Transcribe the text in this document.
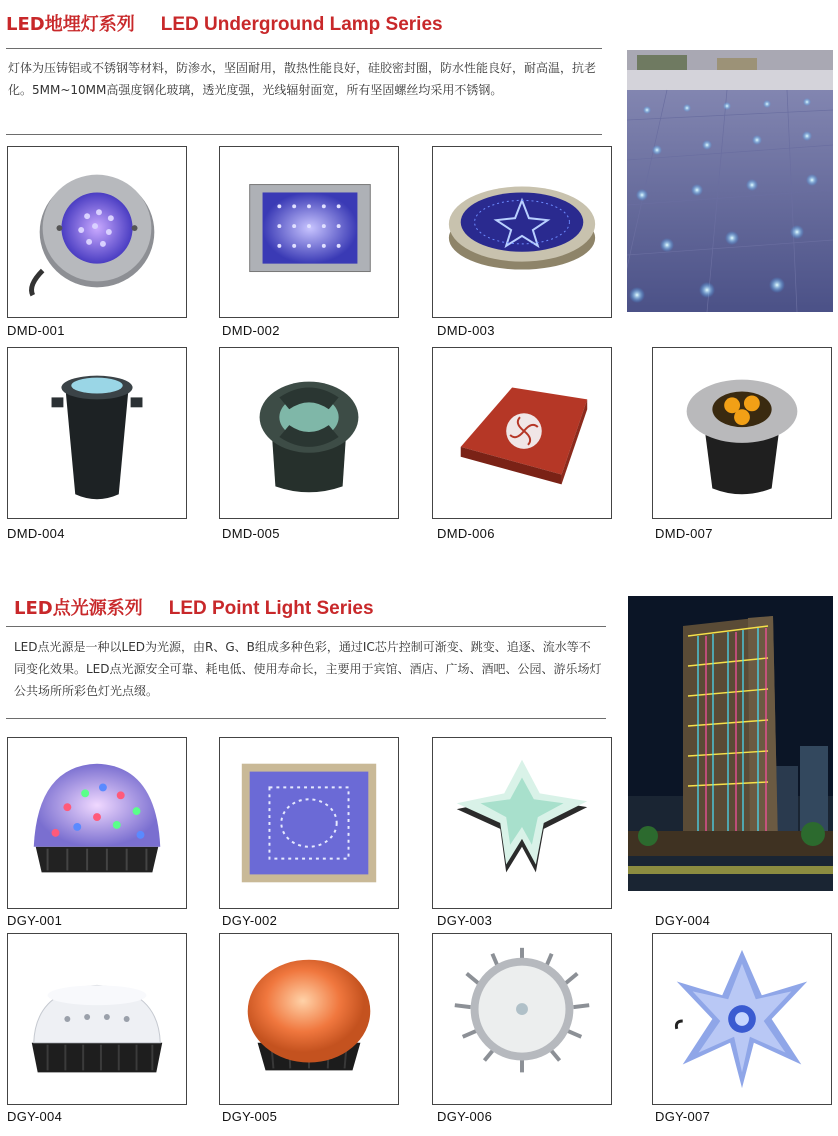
LED地埋灯系列 LED Underground Lamp Series
灯体为压铸铝或不锈钢等材料，防渗水，坚固耐用，散热性能良好，硅胶密封圈，防水性能良好，耐高温，抗老化。5MM~10MM高强度钢化玻璃，透光度强，光线辐射面宽，所有坚固螺丝均采用不锈钢。
DMD-001	DMD-002	DMD-003
DMD-004	DMD-005	DMD-006	DMD-007
LED点光源系列 LED Point Light Series
LED点光源是一种以LED为光源，由R、G、B组成多种色彩，通过IC芯片控制可渐变、跳变、追逐、流水等不同变化效果。LED点光源安全可靠、耗电低、使用寿命长，主要用于宾馆、酒店、广场、酒吧、公园、游乐场灯公共场所所彩色灯光点缀。
DGY-001	DGY-002	DGY-003	DGY-004
DGY-004	DGY-005	DGY-006	DGY-007
